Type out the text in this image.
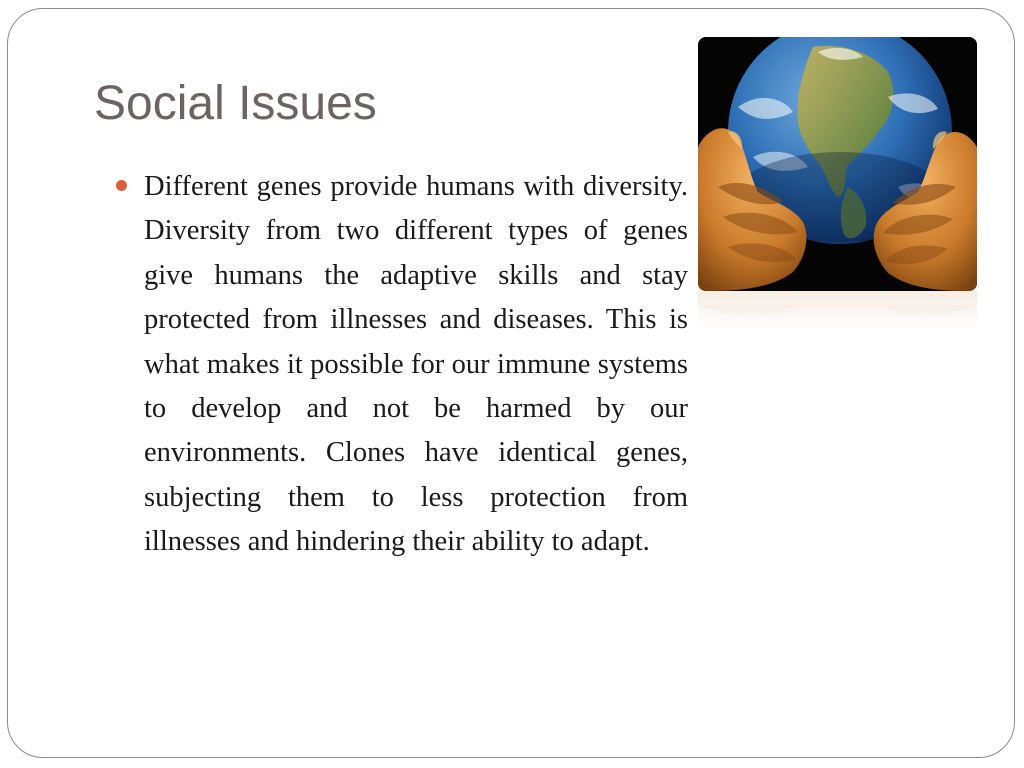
Social Issues
Different genes provide humans with diversity. Diversity from two different types of genes give humans the adaptive skills and stay protected from illnesses and diseases. This is what makes it possible for our immune systems to develop and not be harmed by our environments. Clones have identical genes, subjecting them to less protection from illnesses and hindering their ability to adapt.
